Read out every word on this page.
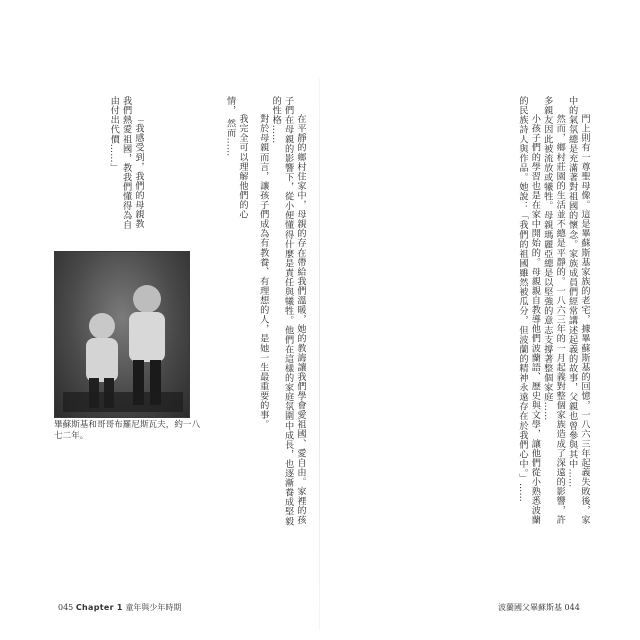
我完全可以理解他們的心情， 然而……

「我感受到，我們的母親教我們熱愛祖國，教我們懂得為自由付出代價……」	在平靜的鄉村住家中，母親的存在帶給我們溫暖，她的教誨讓我們學會愛祖國、愛自由。家裡的孩子們在母親的影響下，從小便懂得什麼是責任與犧牲。他們在這樣的家庭氛圍中成長，也逐漸養成堅毅的性格……

對於母親而言，讓孩子們成為有教養、有理想的人，是她一生最重要的事。

畢蘇斯基和哥哥布羅尼斯瓦夫，約一八七二年。
045 Chapter 1 童年與少年時期

門上則有一尊聖母像。這是畢蘇斯基家族的老宅，據畢蘇斯基的回憶，一八六三年起義失敗後，家中的氣氛總是充滿著對祖國的懷念。家族成員們經常講述起義的故事，父親也曾參與其中……

然而，鄉村莊園的生活並不總是平靜的。一八六三年的一月起義對整個家族造成了深遠的影響，許多親友因此被流放或犧牲。母親瑪麗亞總是以堅強的意志支撐著整個家庭……

小孩子們的學習也是在家中開始的。母親親自教導他們波蘭語、歷史與文學，讓他們從小熟悉波蘭的民族詩人與作品。她說：「我們的祖國雖然被瓜分，但波蘭的精神永遠存在於我們心中。」……

波蘭國父畢蘇斯基 044
